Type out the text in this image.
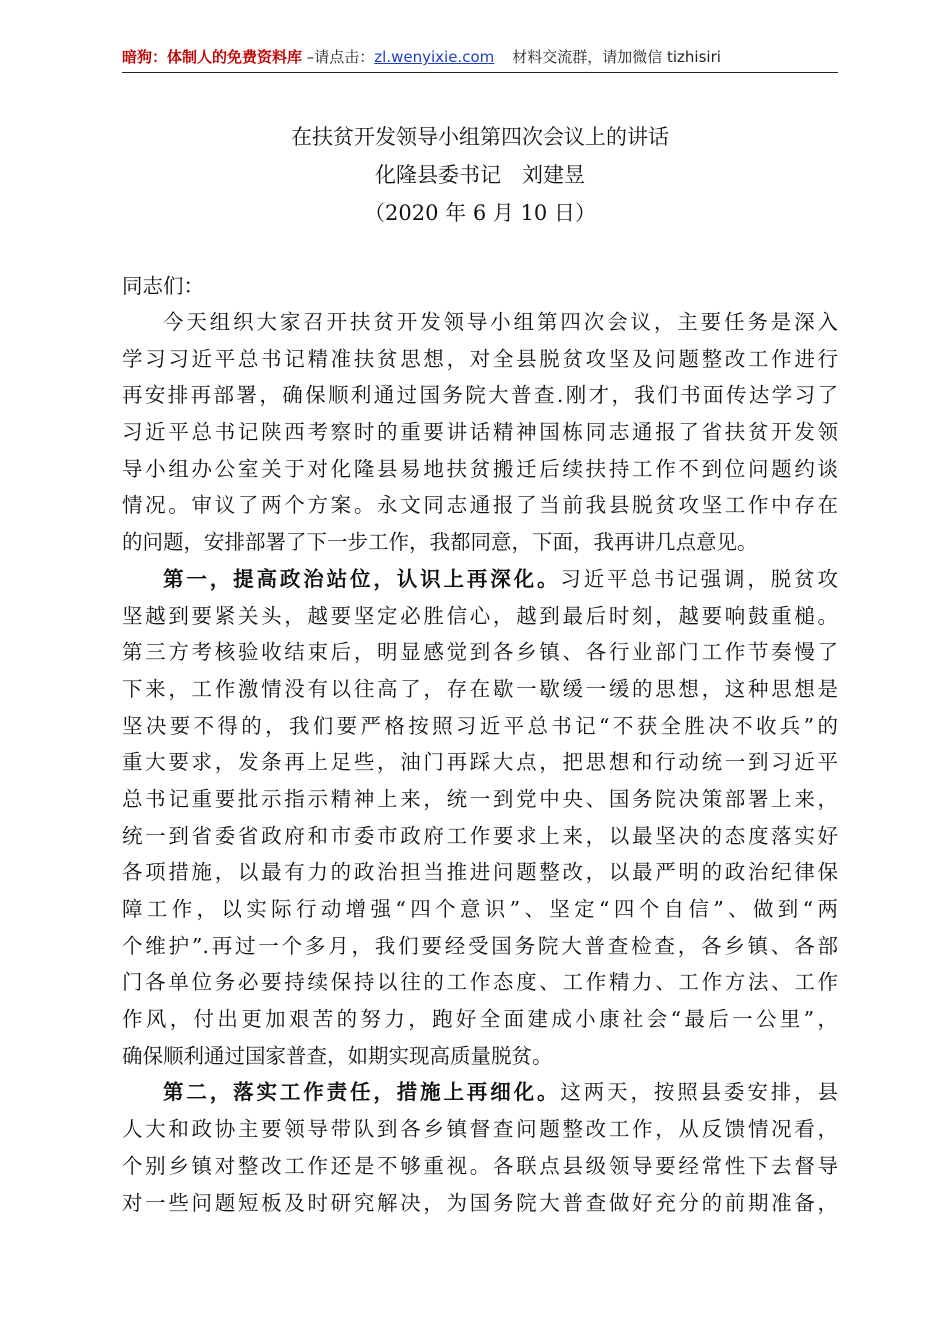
暗狗：体制人的免费资料库 –请点击：zl.wenyixie.com 材料交流群，请加微信 tizhisiri
在扶贫开发领导小组第四次会议上的讲话
化隆县委书记　刘建昱
（2020 年 6 月 10 日）
同志们：
今天组织大家召开扶贫开发领导小组第四次会议，主要任务是深入
学习习近平总书记精准扶贫思想，对全县脱贫攻坚及问题整改工作进行
再安排再部署，确保顺利通过国务院大普查.刚才，我们书面传达学习了
习近平总书记陕西考察时的重要讲话精神国栋同志通报了省扶贫开发领
导小组办公室关于对化隆县易地扶贫搬迁后续扶持工作不到位问题约谈
情况。审议了两个方案。永文同志通报了当前我县脱贫攻坚工作中存在
的问题，安排部署了下一步工作，我都同意，下面，我再讲几点意见。
第一，提高政治站位，认识上再深化。习近平总书记强调，脱贫攻
坚越到要紧关头，越要坚定必胜信心，越到最后时刻，越要响鼓重槌。
第三方考核验收结束后，明显感觉到各乡镇、各行业部门工作节奏慢了
下来，工作激情没有以往高了，存在歇一歇缓一缓的思想，这种思想是
坚决要不得的，我们要严格按照习近平总书记“不获全胜决不收兵”的
重大要求，发条再上足些，油门再踩大点，把思想和行动统一到习近平
总书记重要批示指示精神上来，统一到党中央、国务院决策部署上来，
统一到省委省政府和市委市政府工作要求上来，以最坚决的态度落实好
各项措施，以最有力的政治担当推进问题整改，以最严明的政治纪律保
障工作，以实际行动增强“四个意识”、坚定“四个自信”、做到“两
个维护”.再过一个多月，我们要经受国务院大普查检查，各乡镇、各部
门各单位务必要持续保持以往的工作态度、工作精力、工作方法、工作
作风，付出更加艰苦的努力，跑好全面建成小康社会“最后一公里”，
确保顺利通过国家普查，如期实现高质量脱贫。
第二，落实工作责任，措施上再细化。这两天，按照县委安排，县
人大和政协主要领导带队到各乡镇督查问题整改工作，从反馈情况看，
个别乡镇对整改工作还是不够重视。各联点县级领导要经常性下去督导
对一些问题短板及时研究解决，为国务院大普查做好充分的前期准备，
